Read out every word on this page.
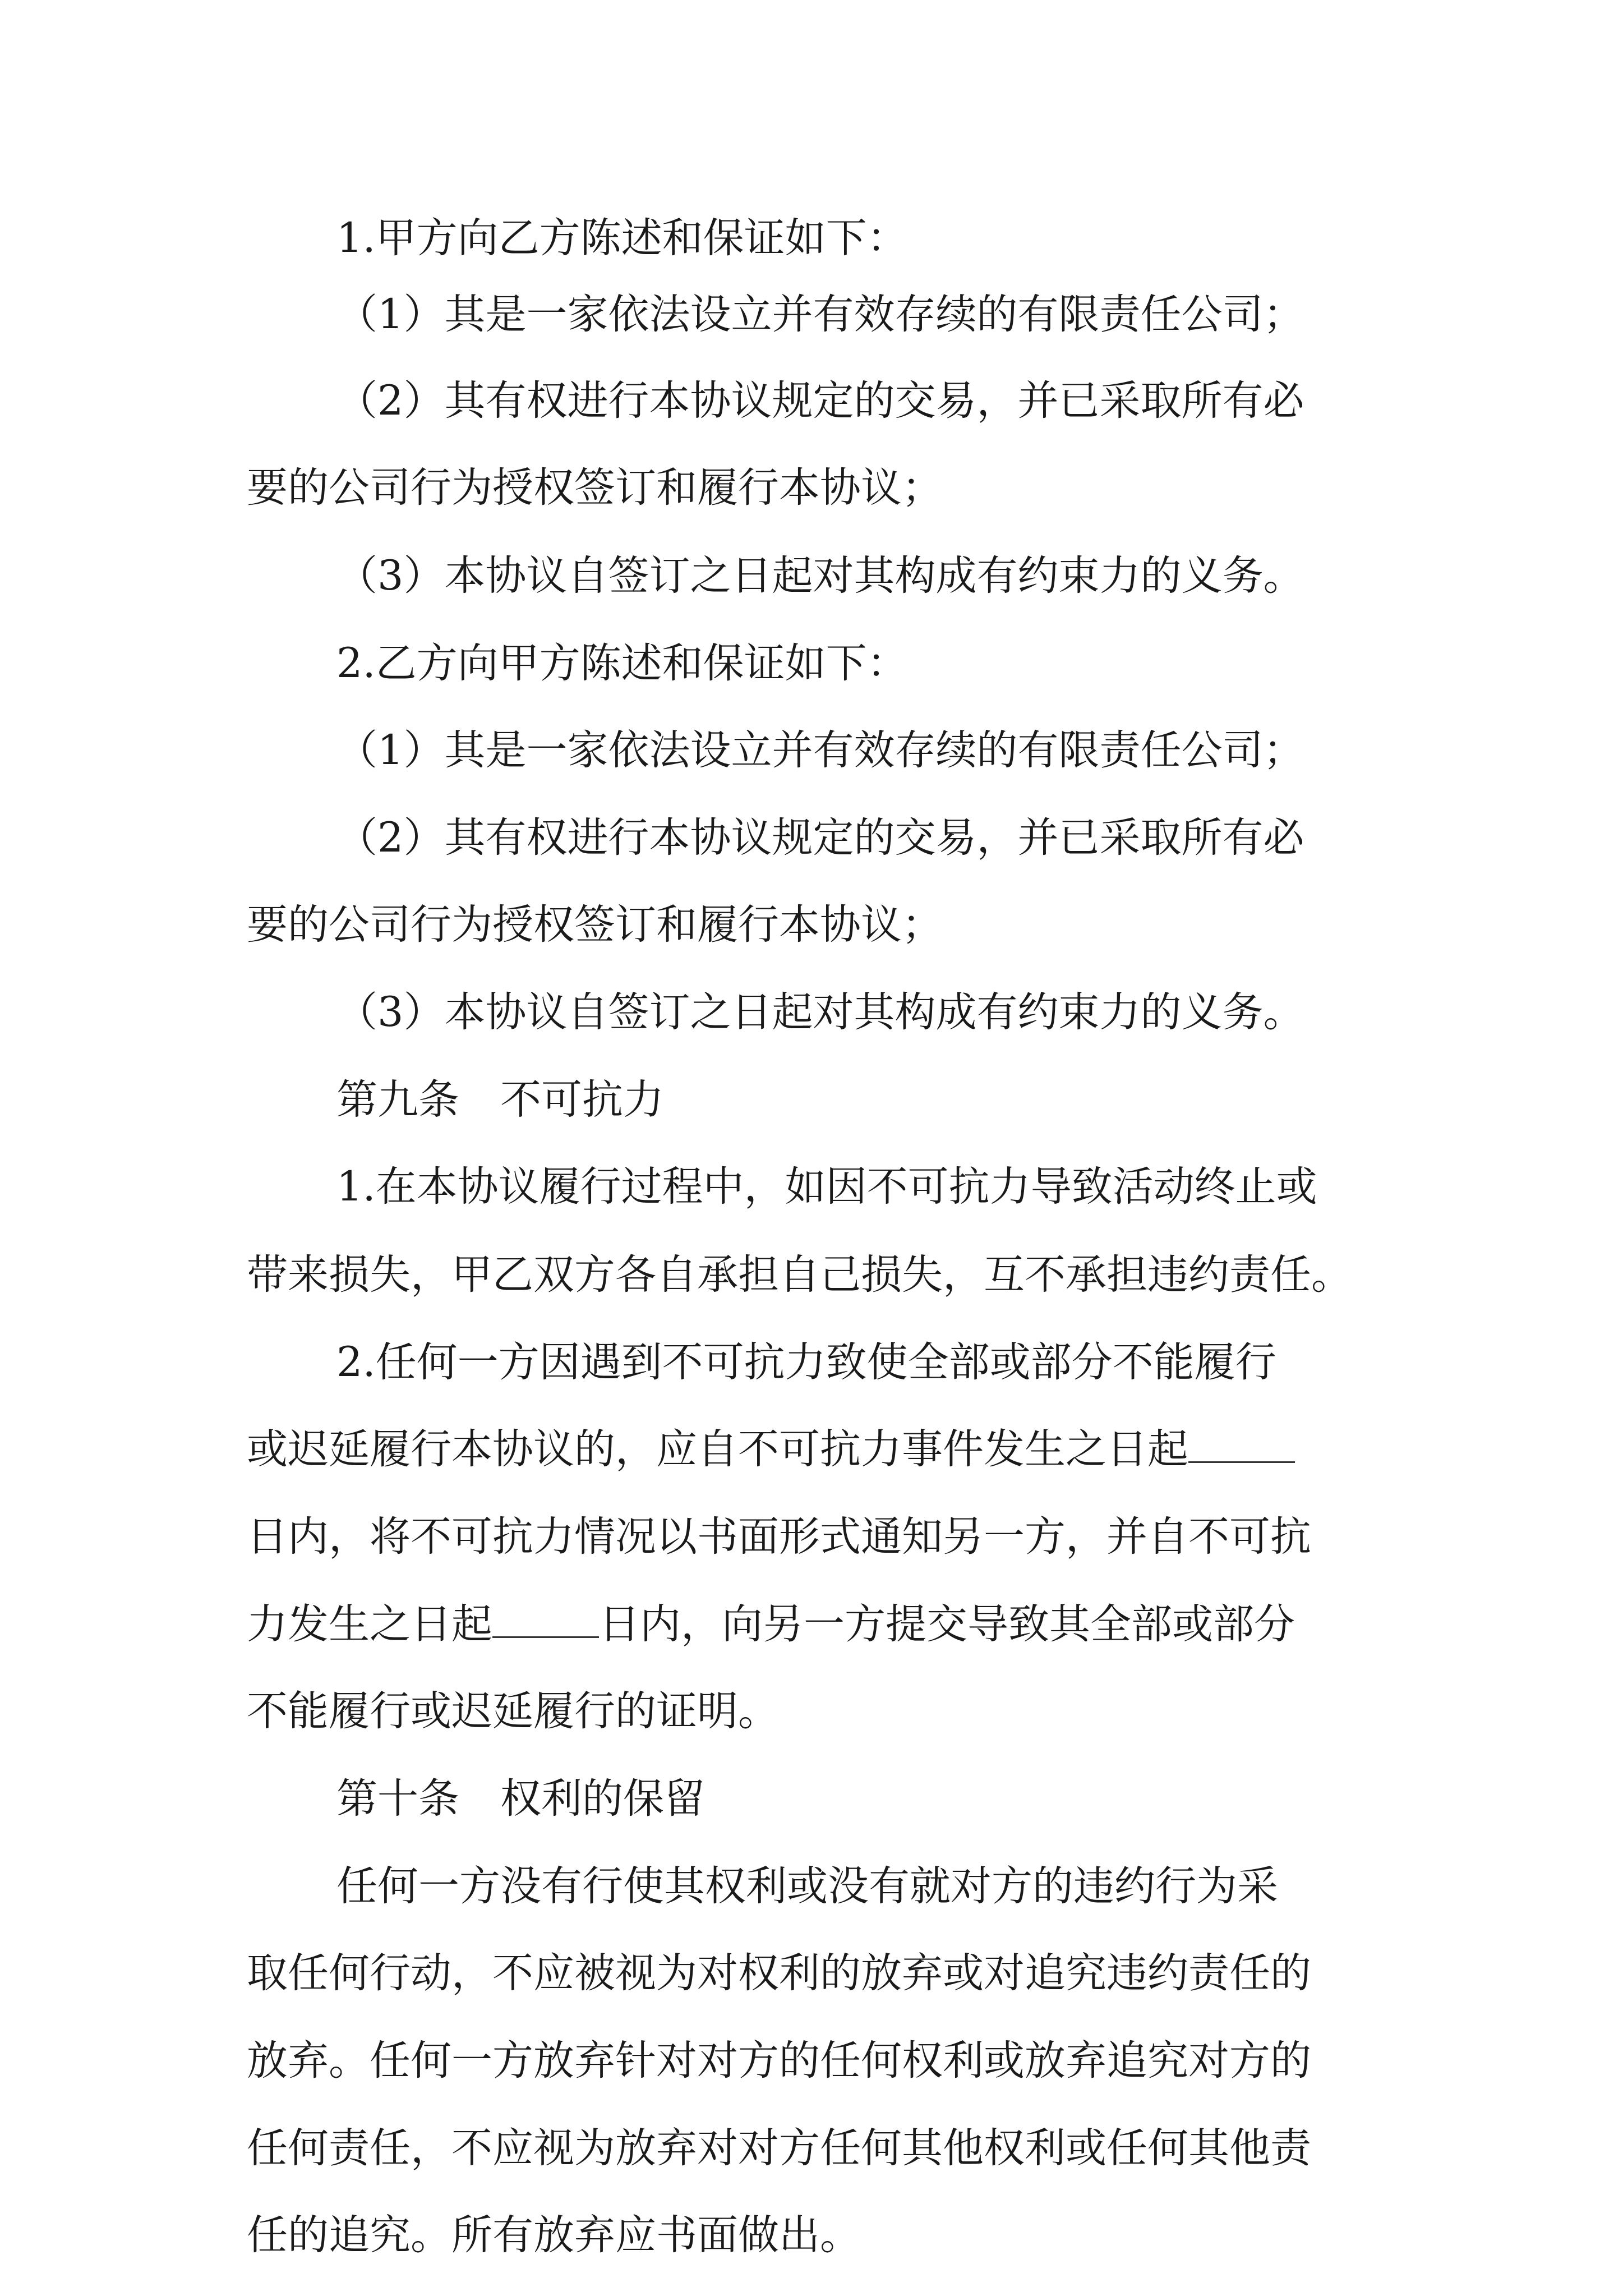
1.甲方向乙方陈述和保证如下：
（1）其是一家依法设立并有效存续的有限责任公司；
（2）其有权进行本协议规定的交易，并已采取所有必
要的公司行为授权签订和履行本协议；
（3）本协议自签订之日起对其构成有约束力的义务。
2.乙方向甲方陈述和保证如下：
（1）其是一家依法设立并有效存续的有限责任公司；
（2）其有权进行本协议规定的交易，并已采取所有必
要的公司行为授权签订和履行本协议；
（3）本协议自签订之日起对其构成有约束力的义务。
第九条　不可抗力
1.在本协议履行过程中，如因不可抗力导致活动终止或
带来损失，甲乙双方各自承担自己损失，互不承担违约责任。
2.任何一方因遇到不可抗力致使全部或部分不能履行
或迟延履行本协议的，应自不可抗力事件发生之日起
日内，将不可抗力情况以书面形式通知另一方，并自不可抗
力发生之日起	日内，向另一方提交导致其全部或部分
不能履行或迟延履行的证明。
第十条　权利的保留
任何一方没有行使其权利或没有就对方的违约行为采
取任何行动，不应被视为对权利的放弃或对追究违约责任的
放弃。任何一方放弃针对对方的任何权利或放弃追究对方的
任何责任，不应视为放弃对对方任何其他权利或任何其他责
任的追究。所有放弃应书面做出。
